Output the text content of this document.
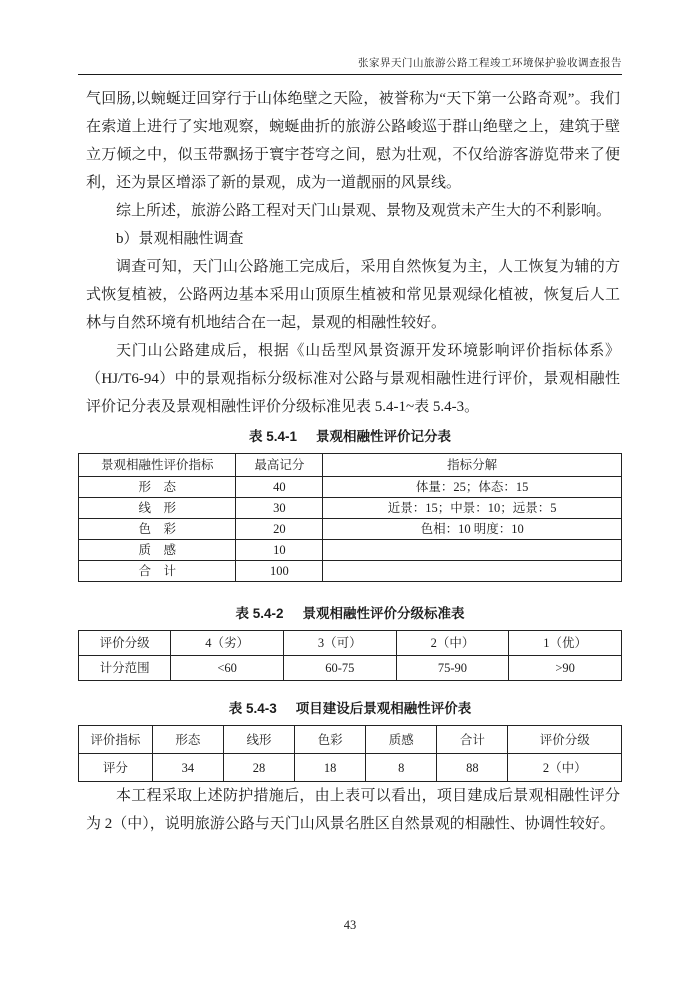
张家界天门山旅游公路工程竣工环境保护验收调查报告

气回肠,以蜿蜒迂回穿行于山体绝壁之天险，被誉称为“天下第一公路奇观”。我们在索道上进行了实地观察，蜿蜒曲折的旅游公路峻巡于群山绝壁之上，建筑于壁立万倾之中，似玉带飘扬于寰宇苍穹之间，慰为壮观，不仅给游客游览带来了便利，还为景区增添了新的景观，成为一道靓丽的风景线。

综上所述，旅游公路工程对天门山景观、景物及观赏未产生大的不利影响。

b）景观相融性调查

调查可知，天门山公路施工完成后，采用自然恢复为主，人工恢复为辅的方式恢复植被，公路两边基本采用山顶原生植被和常见景观绿化植被，恢复后人工林与自然环境有机地结合在一起，景观的相融性较好。

天门山公路建成后，根据《山岳型风景资源开发环境影响评价指标体系》（HJ/T6-94）中的景观指标分级标准对公路与景观相融性进行评价，景观相融性评价记分表及景观相融性评价分级标准见表 5.4-1~表 5.4-3。

表 5.4-1 景观相融性评价记分表
景观相融性评价指标	最高记分	指标分解
形　态	40	体量：25；体态：15
线　形	30	近景：15；中景：10；远景：5
色　彩	20	色相：10 明度：10
质　感	10	
合　计	100	
表 5.4-2 景观相融性评价分级标准表
评价分级	4（劣）	3（可）	2（中）	1（优）
计分范围	<60	60-75	75-90	>90
表 5.4-3 项目建设后景观相融性评价表
评价指标	形态	线形	色彩	质感	合计	评价分级
评分	34	28	18	8	88	2（中）

本工程采取上述防护措施后，由上表可以看出，项目建成后景观相融性评分为 2（中），说明旅游公路与天门山风景名胜区自然景观的相融性、协调性较好。

43
